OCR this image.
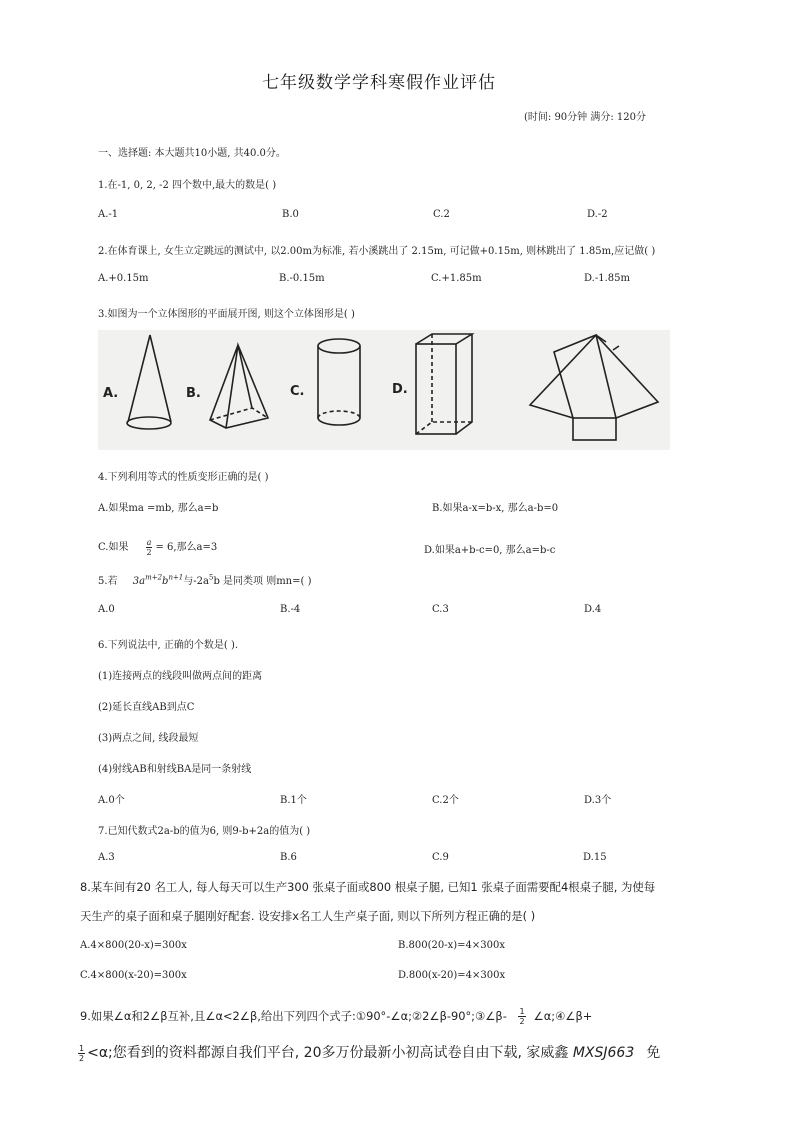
七年级数学学科寒假作业评估
(时间: 90分钟 满分: 120分
一、选择题: 本大题共10小题, 共40.0分。
1.在-1, 0, 2, -2 四个数中,最大的数是( )
A.-1	B.0	C.2	D.-2
2.在体育课上, 女生立定跳远的测试中, 以2.00m为标准, 若小溪跳出了 2.15m, 可记做+0.15m, 则林跳出了 1.85m,应记做( )
A.+0.15m	B.-0.15m	C.+1.85m	D.-1.85m
3.如图为一个立体图形的平面展开图, 则这个立体图形是( )
A.	B.	C.	D.
4.下列利用等式的性质变形正确的是( )
A.如果ma =mb, 那么a=b	B.如果a-x=b-x, 那么a-b=0
C.如果 $\frac{a}{2} = 6$,那么a=3	D.如果a+b-c=0, 那么a=b-c
5.若 $3a^{m+2}b^{n+1}$与$-2a^5b$ 是同类项 则mn=( )
A.0	B.-4	C.3	D.4
6.下列说法中, 正确的个数是( ).
(1)连接两点的线段叫做两点间的距离
(2)延长直线AB到点C
(3)两点之间, 线段最短
(4)射线AB和射线BA是同一条射线
A.0个	B.1个	C.2个	D.3个
7.已知代数式2a-b的值为6, 则9-b+2a的值为( )
A.3	B.6	C.9	D.15
8.某车间有20 名工人, 每人每天可以生产300 张桌子面或800 根桌子腿, 已知1 张桌子面需要配4根桌子腿, 为使每
天生产的桌子面和桌子腿刚好配套. 设安排x名工人生产桌子面, 则以下所列方程正确的是( )
A.4×800(20-x)=300x	B.800(20-x)=4×300x
C.4×800(x-20)=300x	D.800(x-20)=4×300x
9.如果∠α和2∠β互补,且∠α<2∠β,给出下列四个式子:①90°-∠α;②2∠β-90°;③∠β- $\frac{1}{2}$ ∠α;④∠β+
$\frac{1}{2} <\alpha$;您看到的资料都源自我们平台, 20多万份最新小初高试卷自由下载, 家威鑫 MXSJ663 免
